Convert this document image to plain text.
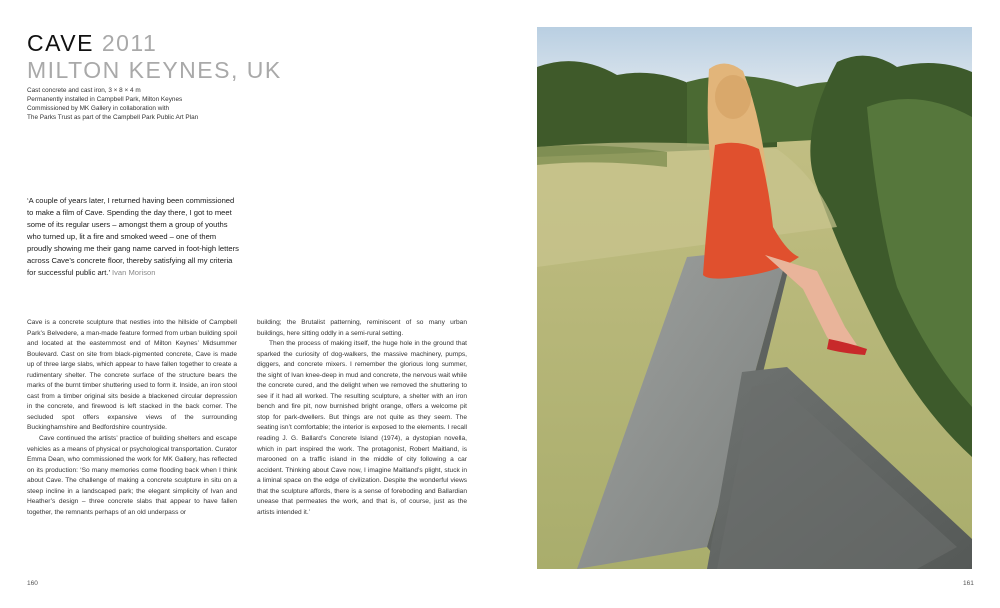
CAVE 2011
MILTON KEYNES, UK
Cast concrete and cast iron, 3 × 8 × 4 m
Permanently installed in Campbell Park, Milton Keynes
Commissioned by MK Gallery in collaboration with
The Parks Trust as part of the Campbell Park Public Art Plan
‘A couple of years later, I returned having been commissioned to make a film of Cave. Spending the day there, I got to meet some of its regular users – amongst them a group of youths who turned up, lit a fire and smoked weed – one of them proudly showing me their gang name carved in foot-high letters across Cave’s concrete floor, thereby satisfying all my criteria for successful public art.’ Ivan Morison

Cave is a concrete sculpture that nestles into the hillside of Campbell Park’s Belvedere, a man-made feature formed from urban building spoil and located at the easternmost end of Milton Keynes’ Midsummer Boulevard. Cast on site from black-pigmented concrete, Cave is made up of three large slabs, which appear to have fallen together to create a rudimentary shelter. The concrete surface of the structure bears the marks of the burnt timber shuttering used to form it. Inside, an iron stool cast from a timber original sits beside a blackened circular depression in the concrete, and firewood is left stacked in the back corner. The secluded spot offers expansive views of the surrounding Buckinghamshire and Bedfordshire countryside.

Cave continued the artists’ practice of building shelters and escape vehicles as a means of physical or psychological transportation. Curator Emma Dean, who commissioned the work for MK Gallery, has reflected on its production: ‘So many memories come flooding back when I think about Cave. The challenge of making a concrete sculpture in situ on a steep incline in a landscaped park; the elegant simplicity of Ivan and Heather’s design – three concrete slabs that appear to have fallen together, the remnants perhaps of an old underpass or

building; the Brutalist patterning, reminiscent of so many urban buildings, here sitting oddly in a semi-rural setting.

Then the process of making itself, the huge hole in the ground that sparked the curiosity of dog-walkers, the massive machinery, pumps, diggers, and concrete mixers. I remember the glorious long summer, the sight of Ivan knee-deep in mud and concrete, the nervous wait while the concrete cured, and the delight when we removed the shuttering to see if it had all worked. The resulting sculpture, a shelter with an iron bench and fire pit, now burnished bright orange, offers a welcome pit stop for park-dwellers. But things are not quite as they seem. The seating isn’t comfortable; the interior is exposed to the elements. I recall reading J. G. Ballard’s Concrete Island (1974), a dystopian novella, which in part inspired the work. The protagonist, Robert Maitland, is marooned on a traffic island in the middle of city following a car accident. Thinking about Cave now, I imagine Maitland’s plight, stuck in a liminal space on the edge of civilization. Despite the wonderful views that the sculpture affords, there is a sense of foreboding and Ballardian unease that permeates the work, and that is, of course, just as the artists intended it.’

160	161
